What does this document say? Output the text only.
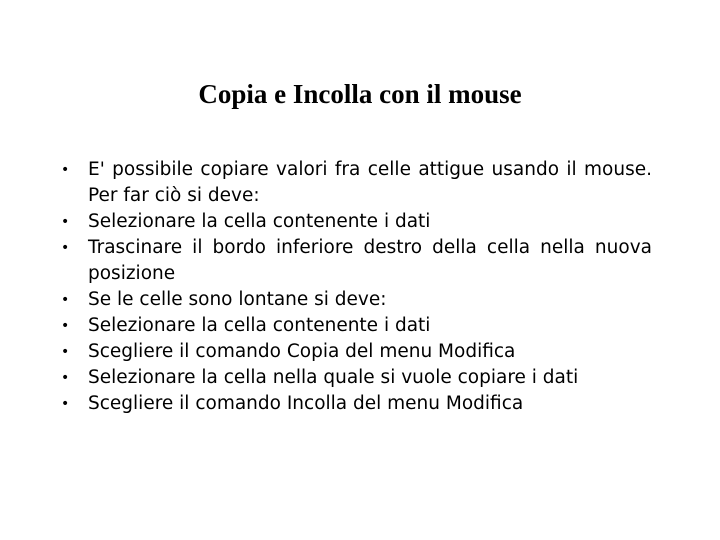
Copia e Incolla con il mouse
• E' possibile copiare valori fra celle attigue usando il mouse. Per far ciò si deve:
• Selezionare la cella contenente i dati
• Trascinare il bordo inferiore destro della cella nella nuova posizione
• Se le celle sono lontane si deve:
• Selezionare la cella contenente i dati
• Scegliere il comando Copia del menu Modifica
• Selezionare la cella nella quale si vuole copiare i dati
• Scegliere il comando Incolla del menu Modifica
